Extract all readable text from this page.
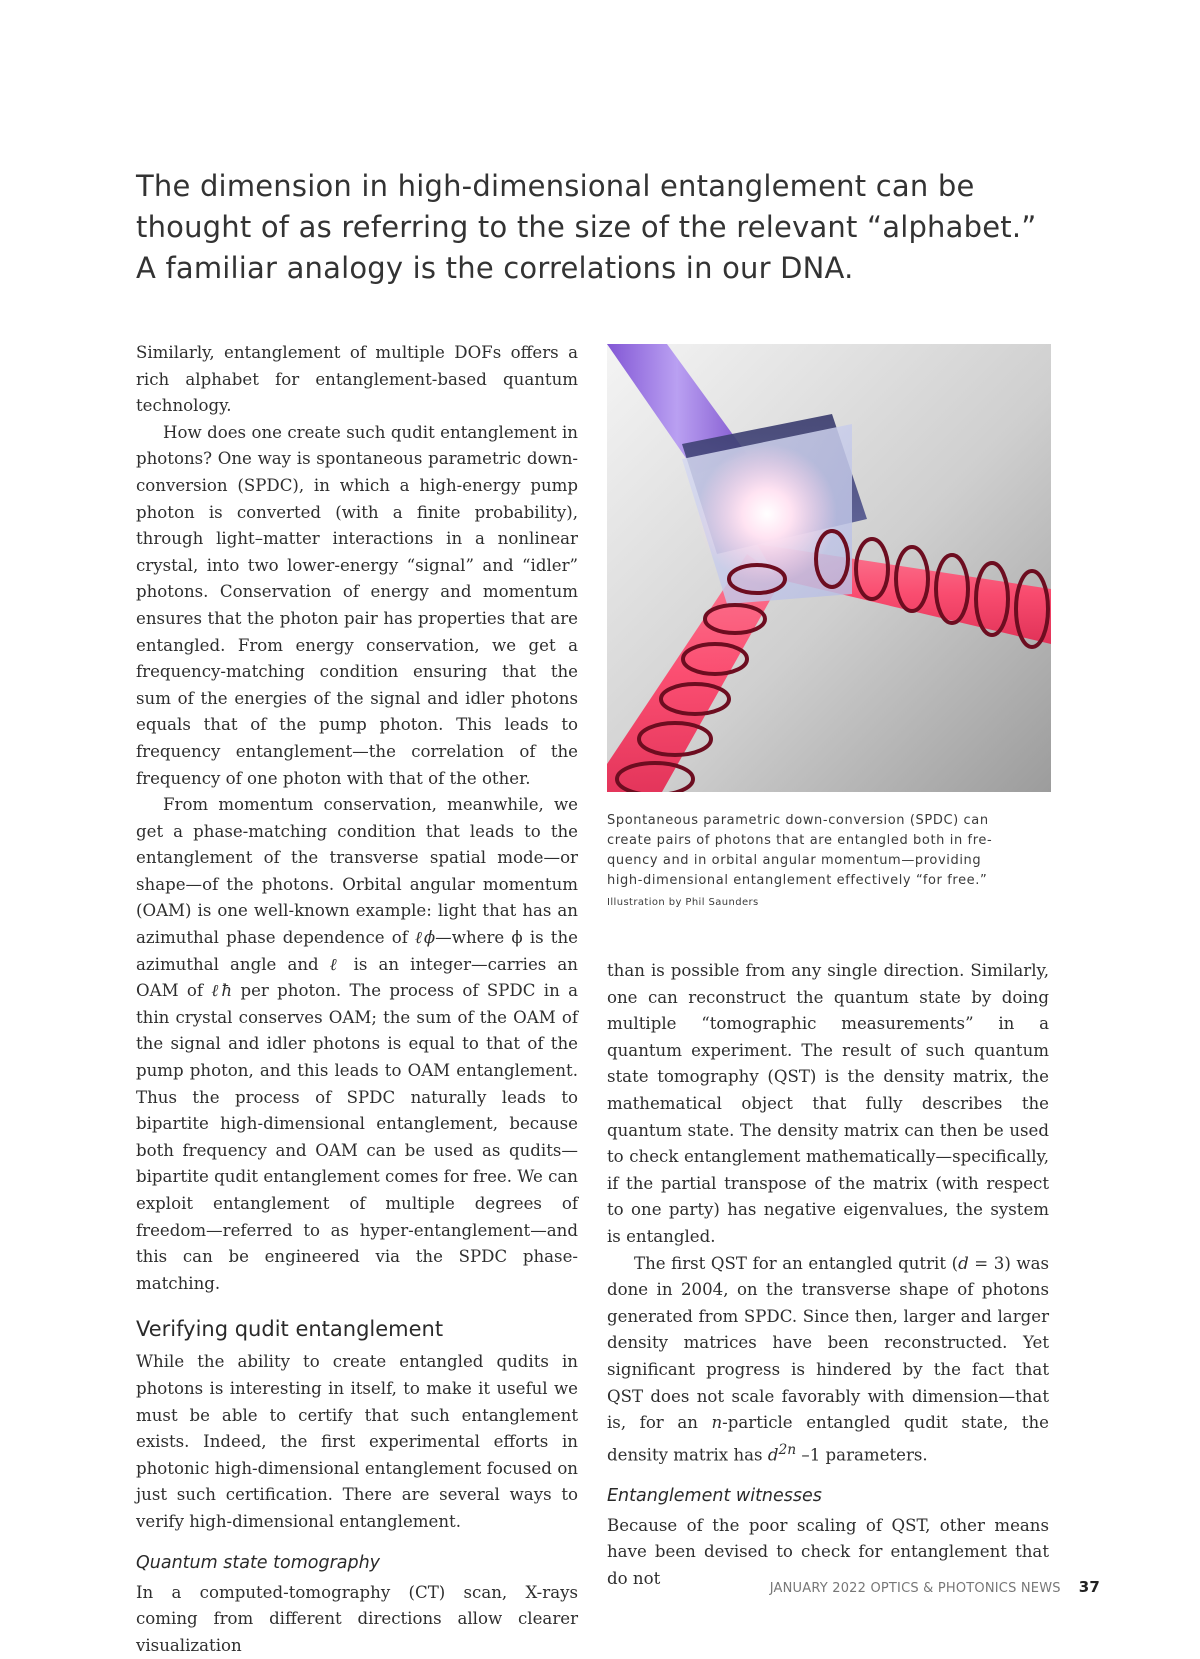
The dimension in high-dimensional entanglement can be
thought of as referring to the size of the relevant “alphabet.”
A familiar analogy is the correlations in our DNA.

Similarly, entanglement of multiple DOFs offers a rich alphabet for entanglement-based quantum technology.

How does one create such qudit entanglement in photons? One way is spontaneous parametric down-conversion (SPDC), in which a high-energy pump photon is converted (with a finite probability), through light–matter interactions in a nonlinear crystal, into two lower-energy “signal” and “idler” photons. Conservation of energy and momentum ensures that the photon pair has properties that are entangled. From energy conservation, we get a frequency-matching condition ensuring that the sum of the energies of the signal and idler photons equals that of the pump photon. This leads to frequency entanglement—the correlation of the frequency of one photon with that of the other.

From momentum conservation, meanwhile, we get a phase-matching condition that leads to the entanglement of the transverse spatial mode—or shape—of the photons. Orbital angular momentum (OAM) is one well-known example: light that has an azimuthal phase dependence of ℓϕ—where ϕ is the azimuthal angle and ℓ is an integer—carries an OAM of ℓħ per photon. The process of SPDC in a thin crystal conserves OAM; the sum of the OAM of the signal and idler photons is equal to that of the pump photon, and this leads to OAM entanglement. Thus the process of SPDC naturally leads to bipartite high-dimensional entanglement, because both frequency and OAM can be used as qudits—bipartite qudit entanglement comes for free. We can exploit entanglement of multiple degrees of freedom—referred to as hyper-entanglement—and this can be engineered via the SPDC phase-matching.

Verifying qudit entanglement

While the ability to create entangled qudits in photons is interesting in itself, to make it useful we must be able to certify that such entanglement exists. Indeed, the first experimental efforts in photonic high-dimensional entanglement focused on just such certification. There are several ways to verify high-dimensional entanglement.

Quantum state tomography

In a computed-tomography (CT) scan, X-rays coming from different directions allow clearer visualization

Spontaneous parametric down-conversion (SPDC) can
create pairs of photons that are entangled both in fre-
quency and in orbital angular momentum—providing
high-dimensional entanglement effectively “for free.”
Illustration by Phil Saunders

than is possible from any single direction. Similarly, one can reconstruct the quantum state by doing multiple “tomographic measurements” in a quantum experiment. The result of such quantum state tomography (QST) is the density matrix, the mathematical object that fully describes the quantum state. The density matrix can then be used to check entanglement mathematically—specifically, if the partial transpose of the matrix (with respect to one party) has negative eigenvalues, the system is entangled.

The first QST for an entangled qutrit (d = 3) was done in 2004, on the transverse shape of photons generated from SPDC. Since then, larger and larger density matrices have been reconstructed. Yet significant progress is hindered by the fact that QST does not scale favorably with dimension—that is, for an n-particle entangled qudit state, the density matrix has $d^{2n}$ –1 parameters.

Entanglement witnesses

Because of the poor scaling of QST, other means have been devised to check for entanglement that do not

JANUARY 2022 OPTICS & PHOTONICS NEWS 37
